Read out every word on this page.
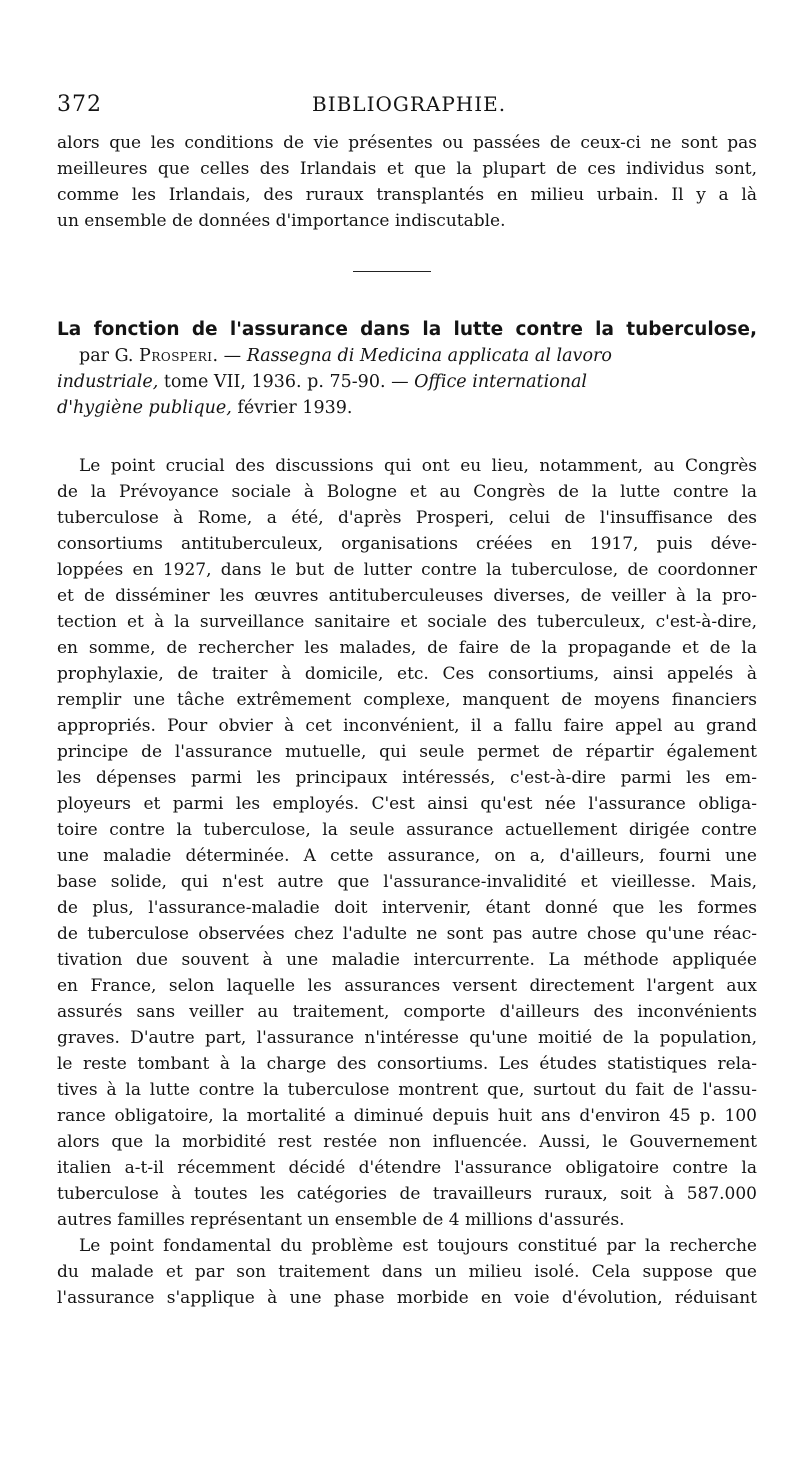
372	BIBLIOGRAPHIE.
alors que les conditions de vie présentes ou passées de ceux-ci ne sont pas
meilleures que celles des Irlandais et que la plupart de ces individus sont,
comme les Irlandais, des ruraux transplantés en milieu urbain. Il y a là
un ensemble de données d'importance indiscutable.
La fonction de l'assurance dans la lutte contre la tuberculose,
par G. Prosperi. — Rassegna di Medicina applicata al lavoro
industriale, tome VII, 1936. p. 75-90. — Office international
d'hygiène publique, février 1939.
Le point crucial des discussions qui ont eu lieu, notamment, au Congrès
de la Prévoyance sociale à Bologne et au Congrès de la lutte contre la
tuberculose à Rome, a été, d'après Prosperi, celui de l'insuffisance des
consortiums antituberculeux, organisations créées en 1917, puis déve-
loppées en 1927, dans le but de lutter contre la tuberculose, de coordonner
et de disséminer les œuvres antituberculeuses diverses, de veiller à la pro-
tection et à la surveillance sanitaire et sociale des tuberculeux, c'est-à-dire,
en somme, de rechercher les malades, de faire de la propagande et de la
prophylaxie, de traiter à domicile, etc. Ces consortiums, ainsi appelés à
remplir une tâche extrêmement complexe, manquent de moyens financiers
appropriés. Pour obvier à cet inconvénient, il a fallu faire appel au grand
principe de l'assurance mutuelle, qui seule permet de répartir également
les dépenses parmi les principaux intéressés, c'est-à-dire parmi les em-
ployeurs et parmi les employés. C'est ainsi qu'est née l'assurance obliga-
toire contre la tuberculose, la seule assurance actuellement dirigée contre
une maladie déterminée. A cette assurance, on a, d'ailleurs, fourni une
base solide, qui n'est autre que l'assurance-invalidité et vieillesse. Mais,
de plus, l'assurance-maladie doit intervenir, étant donné que les formes
de tuberculose observées chez l'adulte ne sont pas autre chose qu'une réac-
tivation due souvent à une maladie intercurrente. La méthode appliquée
en France, selon laquelle les assurances versent directement l'argent aux
assurés sans veiller au traitement, comporte d'ailleurs des inconvénients
graves. D'autre part, l'assurance n'intéresse qu'une moitié de la population,
le reste tombant à la charge des consortiums. Les études statistiques rela-
tives à la lutte contre la tuberculose montrent que, surtout du fait de l'assu-
rance obligatoire, la mortalité a diminué depuis huit ans d'environ 45 p. 100
alors que la morbidité rest restée non influencée. Aussi, le Gouvernement
italien a-t-il récemment décidé d'étendre l'assurance obligatoire contre la
tuberculose à toutes les catégories de travailleurs ruraux, soit à 587.000
autres familles représentant un ensemble de 4 millions d'assurés.
Le point fondamental du problème est toujours constitué par la recherche
du malade et par son traitement dans un milieu isolé. Cela suppose que
l'assurance s'applique à une phase morbide en voie d'évolution, réduisant
